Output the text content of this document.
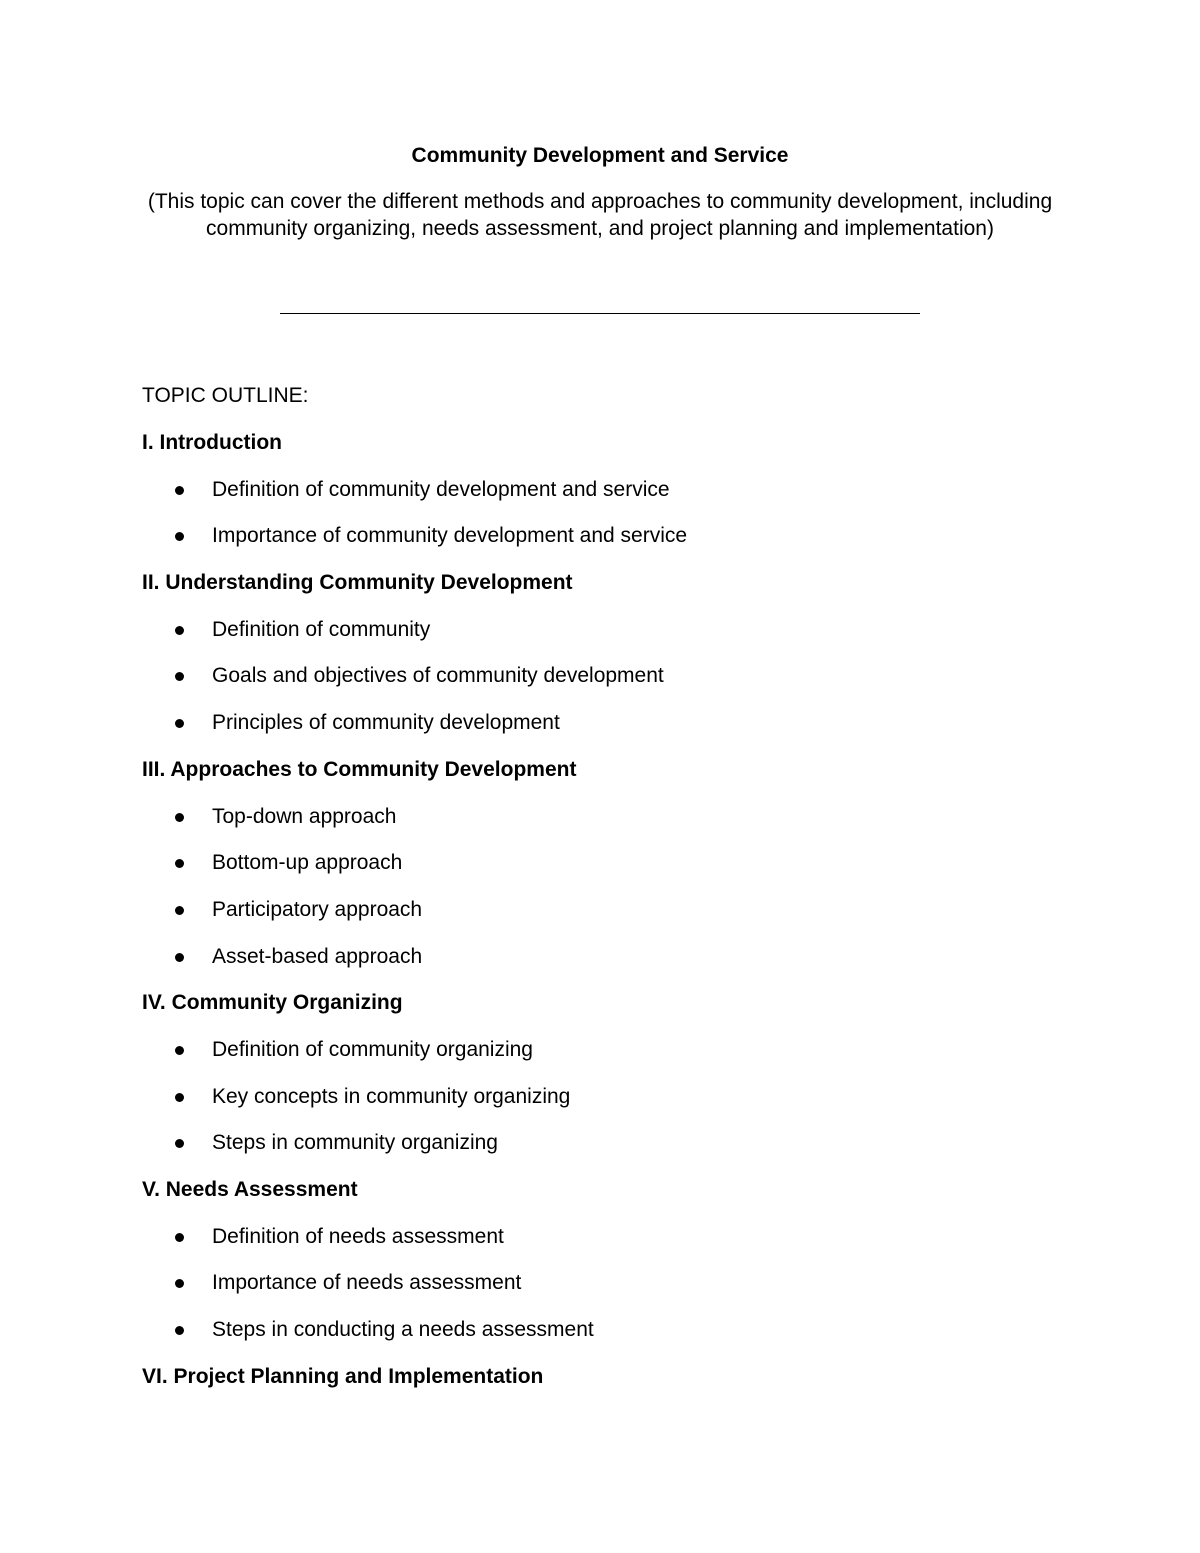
Community Development and Service
(This topic can cover the different methods and approaches to community development, including community organizing, needs assessment, and project planning and implementation)
TOPIC OUTLINE:
I. Introduction
Definition of community development and service
Importance of community development and service
II. Understanding Community Development
Definition of community
Goals and objectives of community development
Principles of community development
III. Approaches to Community Development
Top-down approach
Bottom-up approach
Participatory approach
Asset-based approach
IV. Community Organizing
Definition of community organizing
Key concepts in community organizing
Steps in community organizing
V. Needs Assessment
Definition of needs assessment
Importance of needs assessment
Steps in conducting a needs assessment
VI. Project Planning and Implementation
